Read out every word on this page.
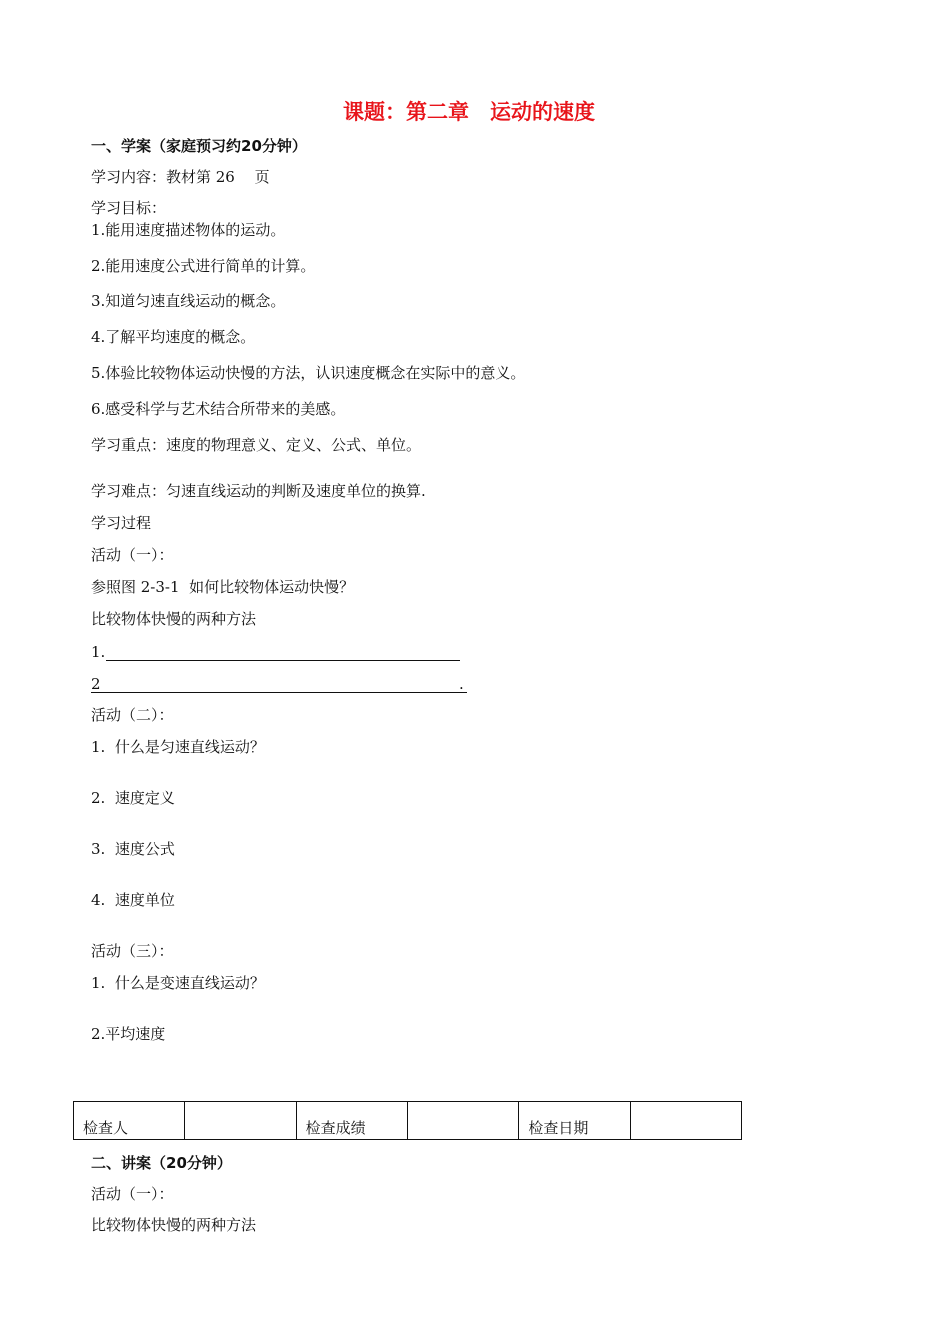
课题：第二章　运动的速度
一、学案（家庭预习约20分钟）
学习内容：教材第 26　 页
学习目标：
1.能用速度描述物体的运动。
2.能用速度公式进行简单的计算。
3.知道匀速直线运动的概念。
4.了解平均速度的概念。
5.体验比较物体运动快慢的方法，认识速度概念在实际中的意义。
6.感受科学与艺术结合所带来的美感。
学习重点：速度的物理意义、定义、公式、单位。
学习难点：匀速直线运动的判断及速度单位的换算.
学习过程
活动（一）：
参照图 2-3-1  如何比较物体运动快慢？
比较物体快慢的两种方法
1.
2	.
活动（二）：
1.  什么是匀速直线运动？
2.  速度定义
3.  速度公式
4.  速度单位
活动（三）：
1.  什么是变速直线运动？
2.平均速度
检查人		检查成绩		检查日期	
二、讲案（20分钟）
活动（一）：
比较物体快慢的两种方法
